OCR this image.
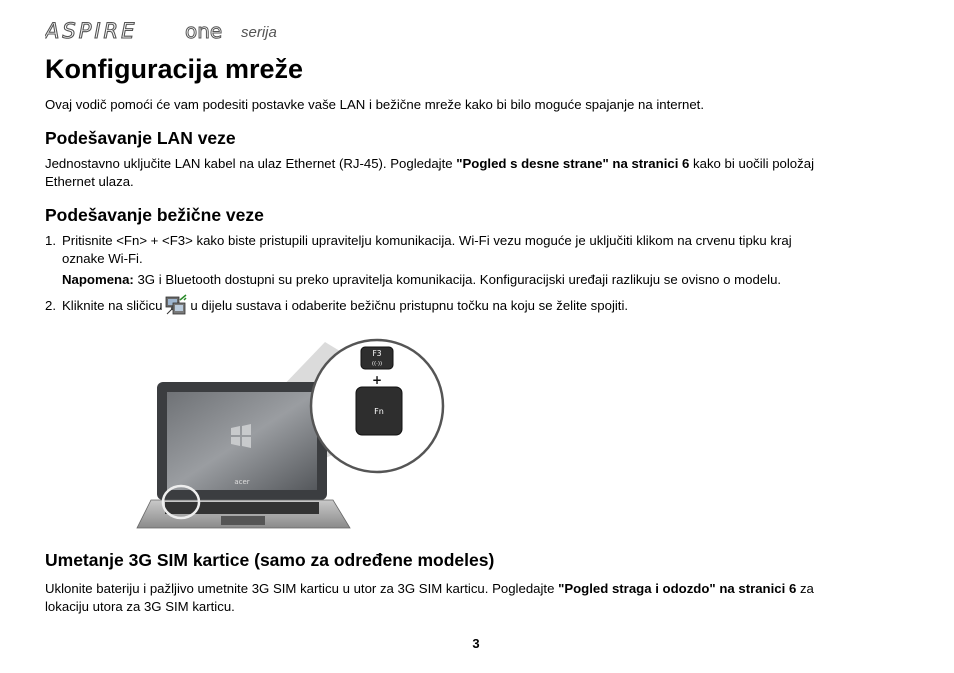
ASPIRE one serija
Konfiguracija mreže

Ovaj vodič pomoći će vam podesiti postavke vaše LAN i bežične mreže kako bi bilo moguće spajanje na internet.

Podešavanje LAN veze

Jednostavno uključite LAN kabel na ulaz Ethernet (RJ-45). Pogledajte "Pogled s desne strane" na stranici 6 kako bi uočili položaj
Ethernet ulaza.

Podešavanje bežične veze

1. Pritisnite <Fn> + <F3> kako biste pristupili upravitelju komunikacija. Wi-Fi vezu moguće je uključiti klikom na crvenu tipku kraj

oznake Wi-Fi.

Napomena: 3G i Bluetooth dostupni su preko upravitelja komunikacija. Konfiguracijski uređaji razlikuju se ovisno o modelu.

2. Kliknite na sličicu u dijelu sustava i odaberite bežičnu pristupnu točku na koju se želite spojiti.

acer
F3
((·))
+
Fn
Umetanje 3G SIM kartice (samo za određene modeles)

Uklonite bateriju i pažljivo umetnite 3G SIM karticu u utor za 3G SIM karticu. Pogledajte "Pogled straga i odozdo" na stranici 6 za
lokaciju utora za 3G SIM karticu.

3
